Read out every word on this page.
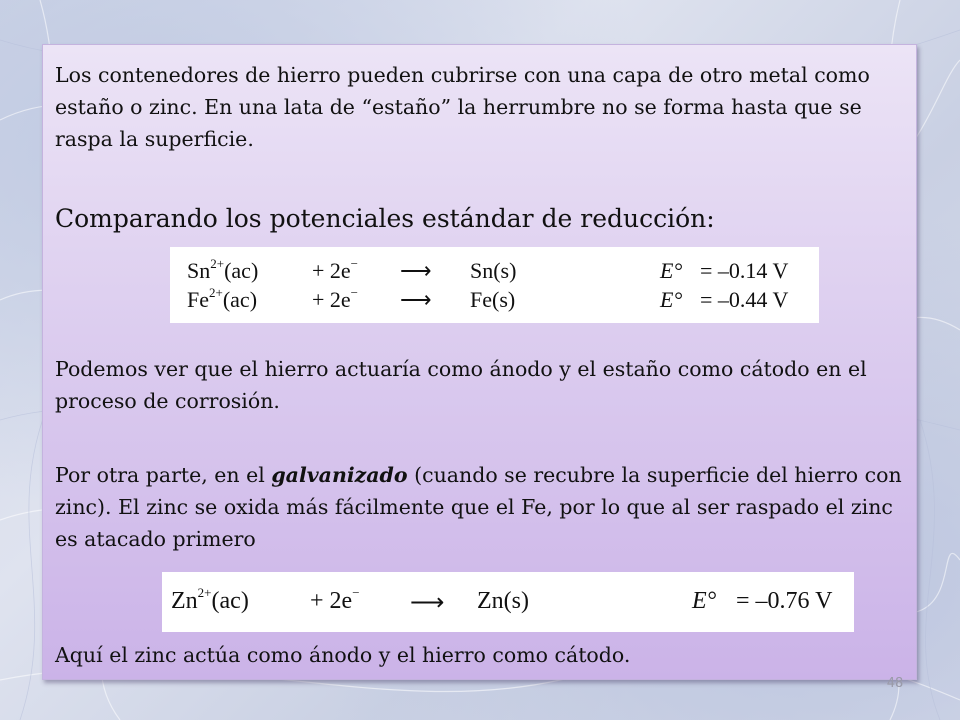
Los contenedores de hierro pueden cubrirse con una capa de otro metal como estaño o zinc. En una lata de “estaño” la herrumbre no se forma hasta que se raspa la superficie.

Comparando los potenciales estándar de reducción:

$Sn^{2+}(ac) + 2e^-$ ⟶ Sn(s)	E° = –0.14 V
$Fe^{2+}(ac) + 2e^-$ ⟶ Fe(s)	E° = –0.44 V

Podemos ver que el hierro actuaría como ánodo y el estaño como cátodo en el proceso de corrosión.

Por otra parte, en el galvanizado (cuando se recubre la superficie del hierro con zinc). El zinc se oxida más fácilmente que el Fe, por lo que al ser raspado el zinc es atacado primero

$Zn^{2+}(ac)$	+ 2e− ⟶ Zn(s)	E° = –0.76 V

Aquí el zinc actúa como ánodo y el hierro como cátodo.

48
